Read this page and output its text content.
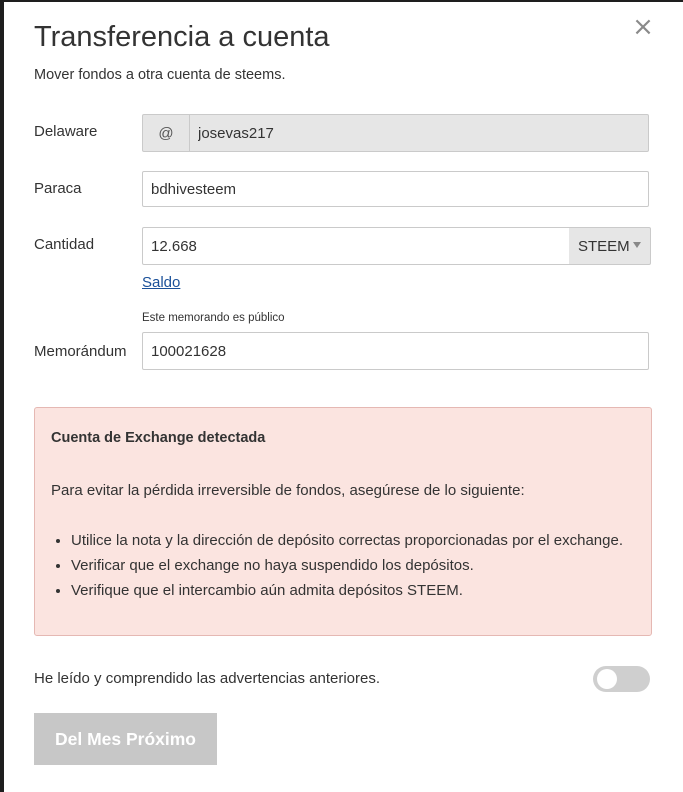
×
Transferencia a cuenta
Mover fondos a otra cuenta de steems.
Delaware	@
josevas217
Paraca
bdhivesteem
Cantidad
12.668	STEEM
Saldo
Este memorando es público
Memorándum
100021628
Cuenta de Exchange detectada
Para evitar la pérdida irreversible de fondos, asegúrese de lo siguiente:
• Utilice la nota y la dirección de depósito correctas proporcionadas por el exchange.
• Verificar que el exchange no haya suspendido los depósitos.
• Verifique que el intercambio aún admita depósitos STEEM.
He leído y comprendido las advertencias anteriores.
Del Mes Próximo
